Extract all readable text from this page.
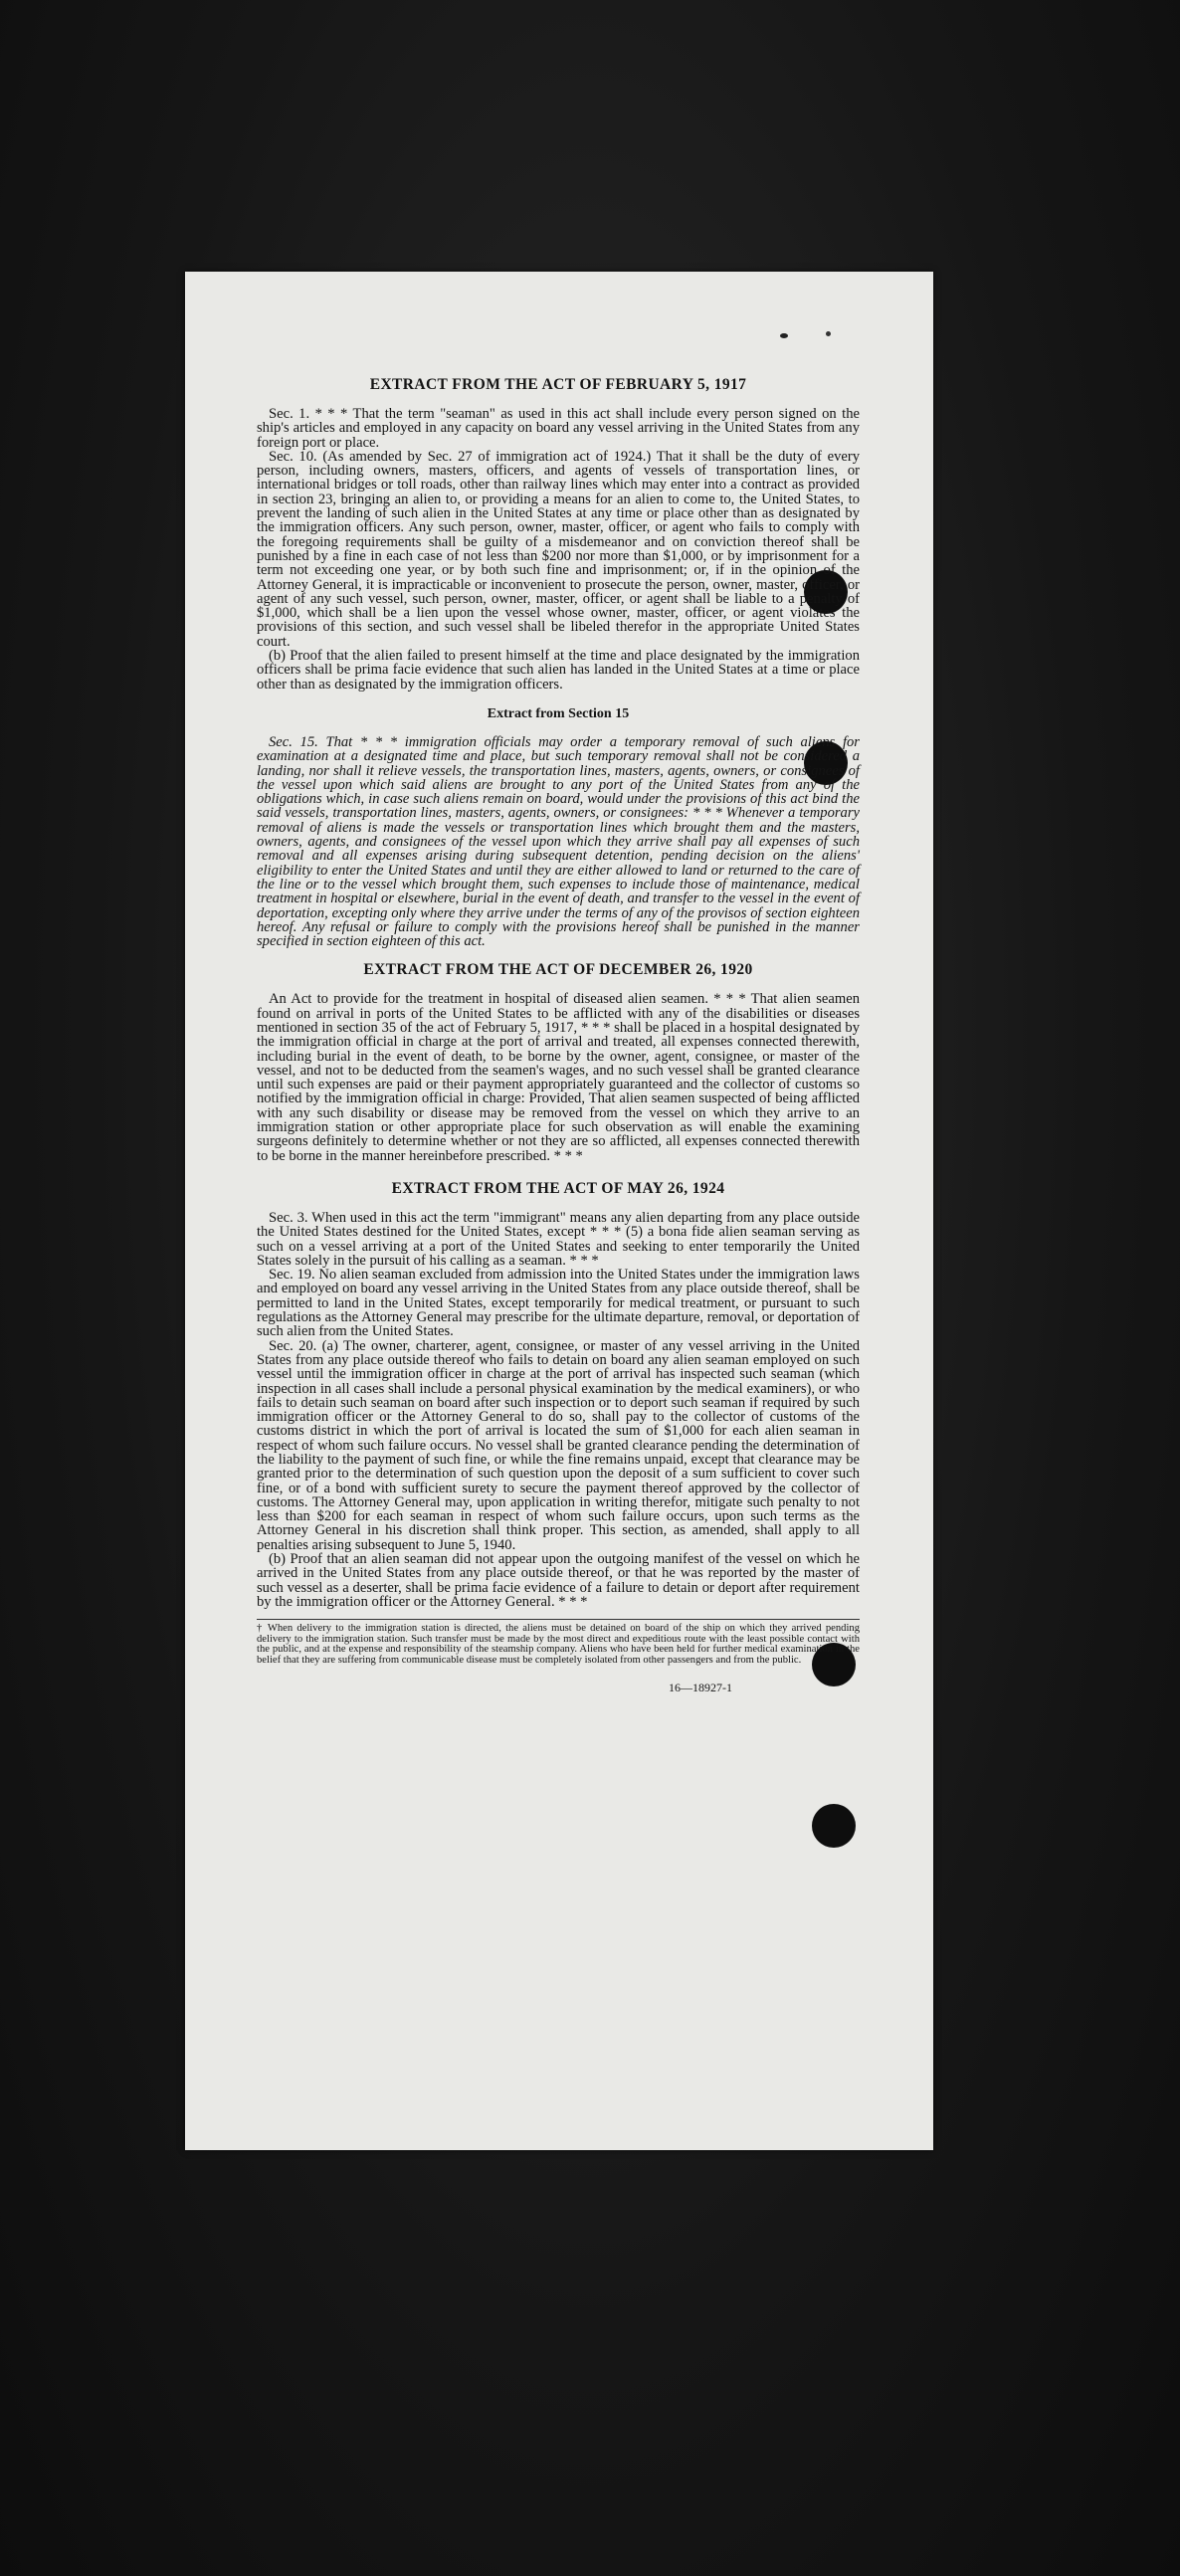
EXTRACT FROM THE ACT OF FEBRUARY 5, 1917

Sec. 1. * * * That the term "seaman" as used in this act shall include every person signed on the ship's articles and employed in any capacity on board any vessel arriving in the United States from any foreign port or place.

Sec. 10. (As amended by Sec. 27 of immigration act of 1924.) That it shall be the duty of every person, including owners, masters, officers, and agents of vessels of transportation lines, or international bridges or toll roads, other than railway lines which may enter into a contract as provided in section 23, bringing an alien to, or providing a means for an alien to come to, the United States, to prevent the landing of such alien in the United States at any time or place other than as designated by the immigration officers. Any such person, owner, master, officer, or agent who fails to comply with the foregoing requirements shall be guilty of a misdemeanor and on conviction thereof shall be punished by a fine in each case of not less than $200 nor more than $1,000, or by imprisonment for a term not exceeding one year, or by both such fine and imprisonment; or, if in the opinion of the Attorney General, it is impracticable or inconvenient to prosecute the person, owner, master, officer, or agent of any such vessel, such person, owner, master, officer, or agent shall be liable to a penalty of $1,000, which shall be a lien upon the vessel whose owner, master, officer, or agent violates the provisions of this section, and such vessel shall be libeled therefor in the appropriate United States court.

(b) Proof that the alien failed to present himself at the time and place designated by the immigration officers shall be prima facie evidence that such alien has landed in the United States at a time or place other than as designated by the immigration officers.

Extract from Section 15

Sec. 15. That * * * immigration officials may order a temporary removal of such aliens for examination at a designated time and place, but such temporary removal shall not be considered a landing, nor shall it relieve vessels, the transportation lines, masters, agents, owners, or consignees of the vessel upon which said aliens are brought to any port of the United States from any of the obligations which, in case such aliens remain on board, would under the provisions of this act bind the said vessels, transportation lines, masters, agents, owners, or consignees: * * * Whenever a temporary removal of aliens is made the vessels or transportation lines which brought them and the masters, owners, agents, and consignees of the vessel upon which they arrive shall pay all expenses of such removal and all expenses arising during subsequent detention, pending decision on the aliens' eligibility to enter the United States and until they are either allowed to land or returned to the care of the line or to the vessel which brought them, such expenses to include those of maintenance, medical treatment in hospital or elsewhere, burial in the event of death, and transfer to the vessel in the event of deportation, excepting only where they arrive under the terms of any of the provisos of section eighteen hereof. Any refusal or failure to comply with the provisions hereof shall be punished in the manner specified in section eighteen of this act.

EXTRACT FROM THE ACT OF DECEMBER 26, 1920

An Act to provide for the treatment in hospital of diseased alien seamen. * * * That alien seamen found on arrival in ports of the United States to be afflicted with any of the disabilities or diseases mentioned in section 35 of the act of February 5, 1917, * * * shall be placed in a hospital designated by the immigration official in charge at the port of arrival and treated, all expenses connected therewith, including burial in the event of death, to be borne by the owner, agent, consignee, or master of the vessel, and not to be deducted from the seamen's wages, and no such vessel shall be granted clearance until such expenses are paid or their payment appropriately guaranteed and the collector of customs so notified by the immigration official in charge: Provided, That alien seamen suspected of being afflicted with any such disability or disease may be removed from the vessel on which they arrive to an immigration station or other appropriate place for such observation as will enable the examining surgeons definitely to determine whether or not they are so afflicted, all expenses connected therewith to be borne in the manner hereinbefore prescribed. * * *

EXTRACT FROM THE ACT OF MAY 26, 1924

Sec. 3. When used in this act the term "immigrant" means any alien departing from any place outside the United States destined for the United States, except * * * (5) a bona fide alien seaman serving as such on a vessel arriving at a port of the United States and seeking to enter temporarily the United States solely in the pursuit of his calling as a seaman. * * *

Sec. 19. No alien seaman excluded from admission into the United States under the immigration laws and employed on board any vessel arriving in the United States from any place outside thereof, shall be permitted to land in the United States, except temporarily for medical treatment, or pursuant to such regulations as the Attorney General may prescribe for the ultimate departure, removal, or deportation of such alien from the United States.

Sec. 20. (a) The owner, charterer, agent, consignee, or master of any vessel arriving in the United States from any place outside thereof who fails to detain on board any alien seaman employed on such vessel until the immigration officer in charge at the port of arrival has inspected such seaman (which inspection in all cases shall include a personal physical examination by the medical examiners), or who fails to detain such seaman on board after such inspection or to deport such seaman if required by such immigration officer or the Attorney General to do so, shall pay to the collector of customs of the customs district in which the port of arrival is located the sum of $1,000 for each alien seaman in respect of whom such failure occurs. No vessel shall be granted clearance pending the determination of the liability to the payment of such fine, or while the fine remains unpaid, except that clearance may be granted prior to the determination of such question upon the deposit of a sum sufficient to cover such fine, or of a bond with sufficient surety to secure the payment thereof approved by the collector of customs. The Attorney General may, upon application in writing therefor, mitigate such penalty to not less than $200 for each seaman in respect of whom such failure occurs, upon such terms as the Attorney General in his discretion shall think proper. This section, as amended, shall apply to all penalties arising subsequent to June 5, 1940.

(b) Proof that an alien seaman did not appear upon the outgoing manifest of the vessel on which he arrived in the United States from any place outside thereof, or that he was reported by the master of such vessel as a deserter, shall be prima facie evidence of a failure to detain or deport after requirement by the immigration officer or the Attorney General. * * *

† When delivery to the immigration station is directed, the aliens must be detained on board of the ship on which they arrived pending delivery to the immigration station. Such transfer must be made by the most direct and expeditious route with the least possible contact with the public, and at the expense and responsibility of the steamship company. Aliens who have been held for further medical examination in the belief that they are suffering from communicable disease must be completely isolated from other passengers and from the public.
16—18927-1
